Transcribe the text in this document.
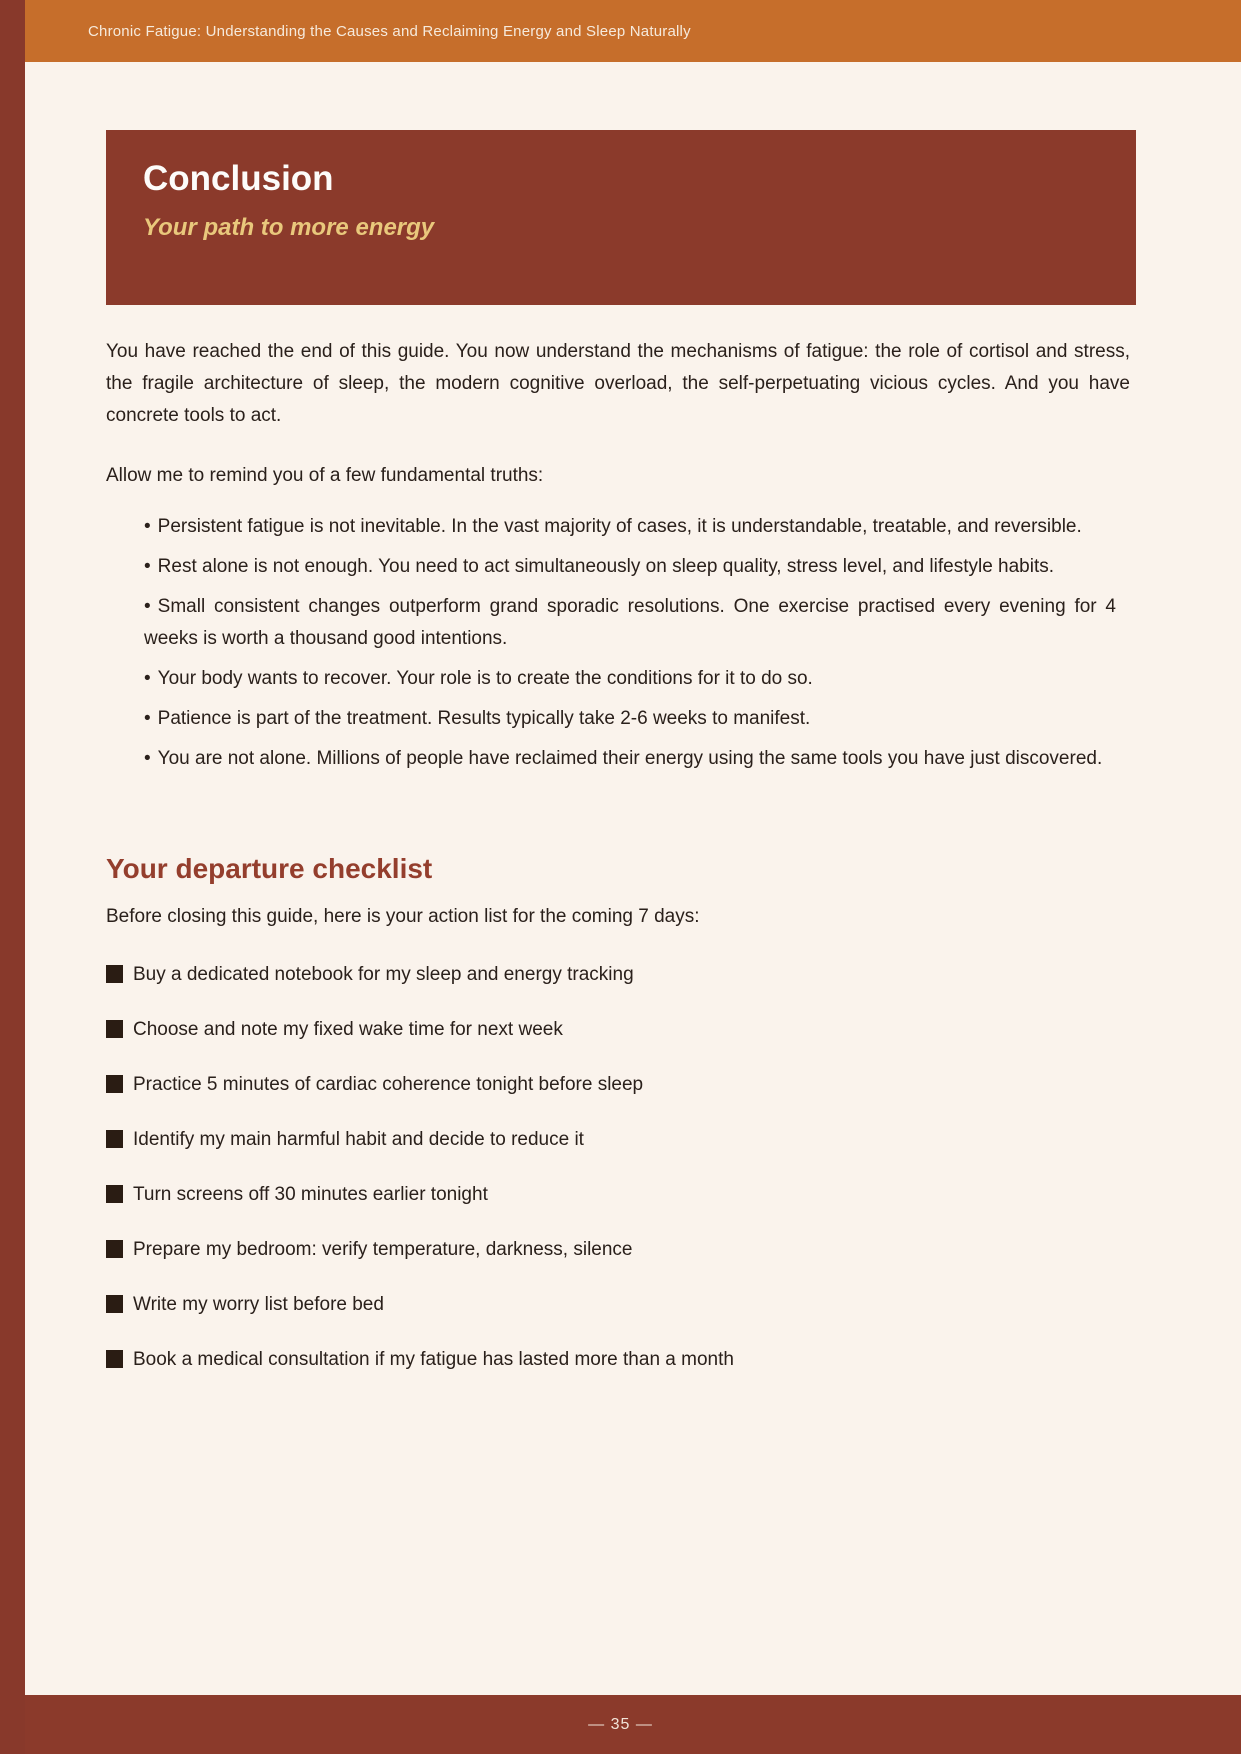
Chronic Fatigue: Understanding the Causes and Reclaiming Energy and Sleep Naturally
Conclusion
Your path to more energy

You have reached the end of this guide. You now understand the mechanisms of fatigue: the role of cortisol and stress, the fragile architecture of sleep, the modern cognitive overload, the self-perpetuating vicious cycles. And you have concrete tools to act.

Allow me to remind you of a few fundamental truths:

• Persistent fatigue is not inevitable. In the vast majority of cases, it is understandable, treatable, and reversible.
• Rest alone is not enough. You need to act simultaneously on sleep quality, stress level, and lifestyle habits.
• Small consistent changes outperform grand sporadic resolutions. One exercise practised every evening for 4 weeks is worth a thousand good intentions.
• Your body wants to recover. Your role is to create the conditions for it to do so.
• Patience is part of the treatment. Results typically take 2-6 weeks to manifest.
• You are not alone. Millions of people have reclaimed their energy using the same tools you have just discovered.
Your departure checklist

Before closing this guide, here is your action list for the coming 7 days:

Buy a dedicated notebook for my sleep and energy tracking
Choose and note my fixed wake time for next week
Practice 5 minutes of cardiac coherence tonight before sleep
Identify my main harmful habit and decide to reduce it
Turn screens off 30 minutes earlier tonight
Prepare my bedroom: verify temperature, darkness, silence
Write my worry list before bed
Book a medical consultation if my fatigue has lasted more than a month
— 35 —
